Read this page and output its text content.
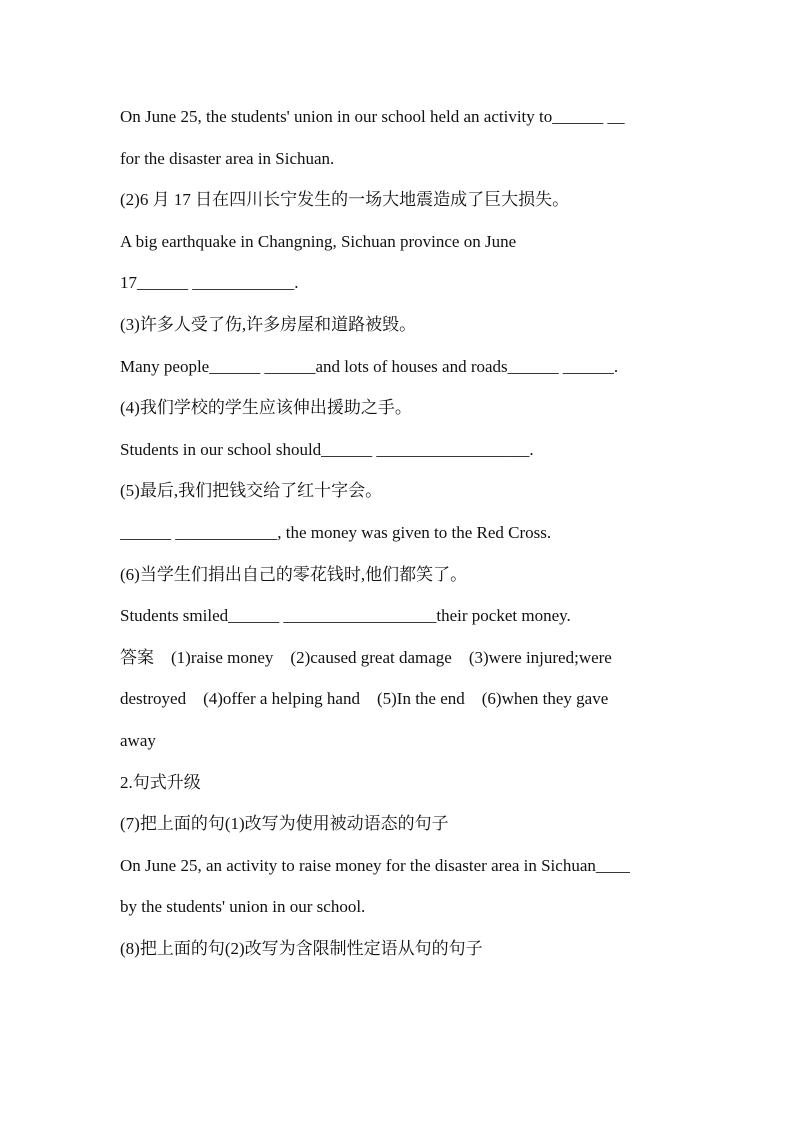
On June 25, the students' union in our school held an activity to______ __
for the disaster area in Sichuan.
(2)6 月 17 日在四川长宁发生的一场大地震造成了巨大损失。
A big earthquake in Changning, Sichuan province on June
17______ ____________.
(3)许多人受了伤,许多房屋和道路被毁。
Many people______ ______and lots of houses and roads______ ______.
(4)我们学校的学生应该伸出援助之手。
Students in our school should______ __________________.
(5)最后,我们把钱交给了红十字会。
______ ____________, the money was given to the Red Cross.
(6)当学生们捐出自己的零花钱时,他们都笑了。
Students smiled______ __________________their pocket money.
答案　(1)raise money　(2)caused great damage　(3)were injured;were
destroyed　(4)offer a helping hand　(5)In the end　(6)when they gave
away
2.句式升级
(7)把上面的句(1)改写为使用被动语态的句子
On June 25, an activity to raise money for the disaster area in Sichuan____
by the students' union in our school.
(8)把上面的句(2)改写为含限制性定语从句的句子
